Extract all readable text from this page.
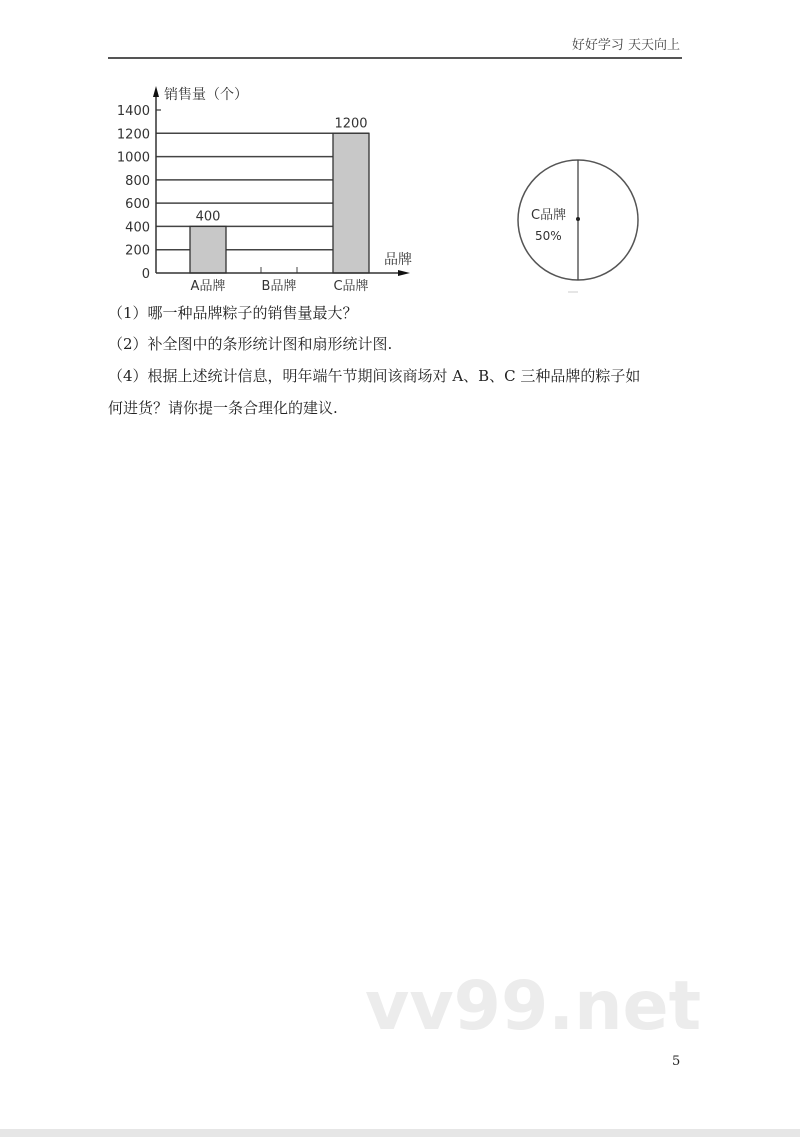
好好学习 天天向上
0
200
400
600
800
1000
1200
1400
400
A品牌	B品牌
1200
C品牌
销售量（个）
品牌
C品牌
50%
（1）哪一种品牌粽子的销售量最大？
（2）补全图中的条形统计图和扇形统计图.
（4）根据上述统计信息，明年端午节期间该商场对 A、B、C 三种品牌的粽子如
何进货？请你提一条合理化的建议.
vv99.net
5
